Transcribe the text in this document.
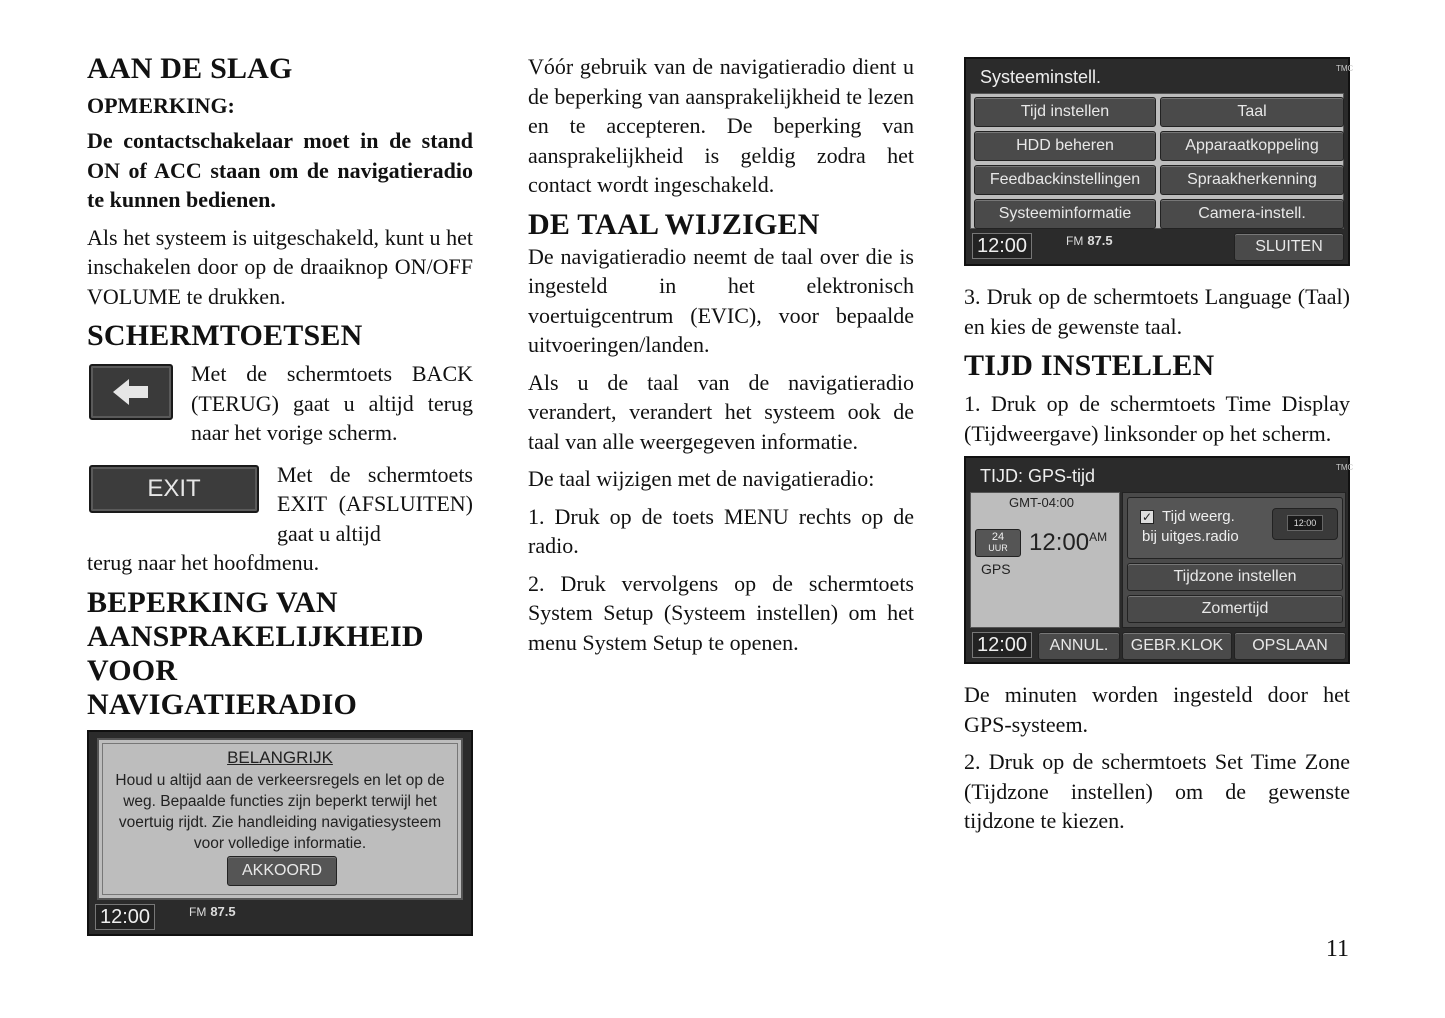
AAN DE SLAG
OPMERKING:
De contactschakelaar moet in de stand ON of ACC staan om de navigatieradio te kunnen bedienen.

Als het systeem is uitgeschakeld, kunt u het inschakelen door op de draaiknop ON/OFF VOLUME te drukken.

SCHERMTOETSEN

Met de schermtoets BACK (TERUG) gaat u altijd terug naar het vorige scherm.

EXIT

Met de schermtoets EXIT (AFSLUITEN) gaat u altijd

terug naar het hoofdmenu.

BEPERKING VAN AANSPRAKELIJKHEID VOOR NAVIGATIERADIO
BELANGRIJK
Houd u altijd aan de verkeersregels en let op de weg. Bepaalde functies zijn beperkt terwijl het voertuig rijdt. Zie handleiding navigatiesysteem voor volledige informatie.
AKKOORD
12:00	FM 87.5

Vóór gebruik van de navigatieradio dient u de beperking van aansprakelijkheid te lezen en te accepteren. De beperking van aansprakelijkheid is geldig zodra het contact wordt ingeschakeld.

DE TAAL WIJZIGEN

De navigatieradio neemt de taal over die is ingesteld in het elektronisch voertuigcentrum (EVIC), voor bepaalde uitvoeringen/landen.

Als u de taal van de navigatieradio verandert, verandert het systeem ook de taal van alle weergegeven informatie.

De taal wijzigen met de navigatieradio:

1. Druk op de toets MENU rechts op de radio.

2. Druk vervolgens op de schermtoets System Setup (Systeem instellen) om het menu System Setup te openen.

Systeeminstell.	TMC
Tijd instellen	Taal
HDD beheren	Apparaatkoppeling
Feedbackinstellingen	Spraakherkenning
Systeeminformatie	Camera-instell.
12:00	FM 87.5	SLUITEN

3. Druk op de schermtoets Language (Taal) en kies de gewenste taal.

TIJD INSTELLEN

1. Druk op de schermtoets Time Display (Tijdweergave) linksonder op het scherm.

TIJD: GPS-tijd	TMC
GMT-04:00
24
UUR $12:00^{AM}$
GPS
✓ Tijd weerg.
bij uitges.radio
12:00
Tijdzone instellen
Zomertijd
12:00	ANNUL.	GEBR.KLOK	OPSLAAN

De minuten worden ingesteld door het GPS-systeem.

2. Druk op de schermtoets Set Time Zone (Tijdzone instellen) om de gewenste tijdzone te kiezen.

11
